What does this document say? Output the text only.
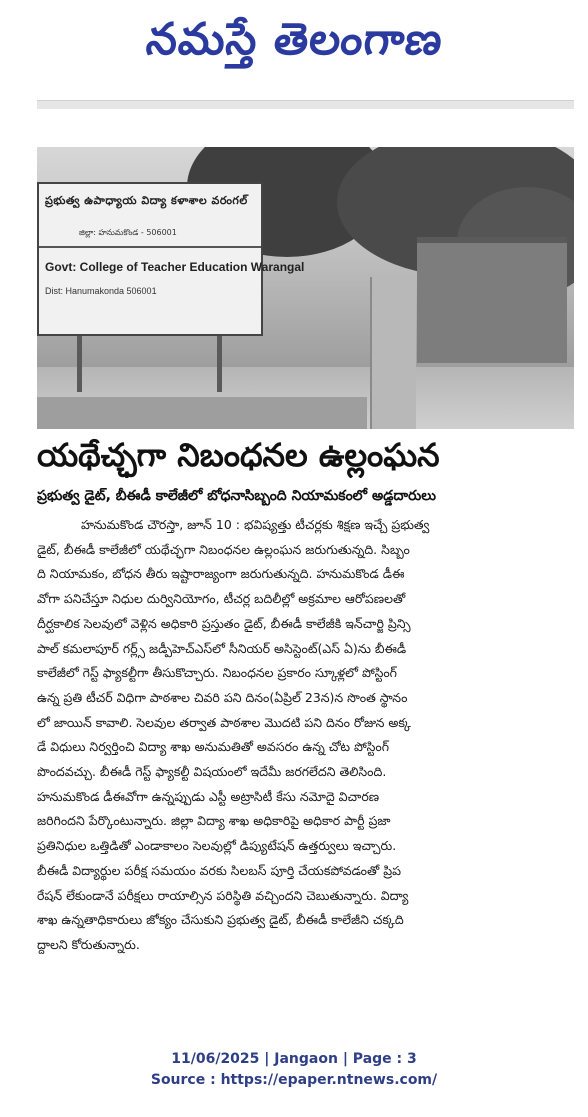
నమస్తే తెలంగాణ
ప్రభుత్వ ఉపాధ్యాయ విద్యా కళాశాల వరంగల్
జిల్లా: హనుమకొండ - 506001
Govt: College of Teacher Education Warangal
Dist: Hanumakonda 506001
యథేచ్ఛగా నిబంధనల ఉల్లంఘన
ప్రభుత్వ డైట్, బీఈడీ కాలేజీలో బోధనాసిబ్బంది నియామకంలో అడ్డదారులు
హనుమకొండ చౌరస్తా, జూన్ 10 : భవిష్యత్తు టీచర్లకు శిక్షణ ఇచ్చే ప్రభుత్వ
డైట్, బీఈడీ కాలేజీలో యథేచ్ఛగా నిబంధనల ఉల్లంఘన జరుగుతున్నది. సిబ్బం
ది నియామకం, బోధన తీరు ఇష్టారాజ్యంగా జరుగుతున్నది. హనుమకొండ డీఈ
వోగా పనిచేస్తూ నిధుల దుర్వినియోగం, టీచర్ల బదిలీల్లో అక్రమాల ఆరోపణలతో
దీర్ఘకాలిక సెలవులో వెళ్లిన అధికారి ప్రస్తుతం డైట్, బీఈడీ కాలేజీకి ఇన్‌చార్జి ప్రిన్సి
పాల్ కమలాపూర్ గర్ల్స్ జడ్పీహెచ్ఎస్‌లో సీనియర్ అసిస్టెంట్(ఎస్ ఏ)ను బీఈడీ
కాలేజీలో గెస్ట్ ఫ్యాకల్టీగా తీసుకొచ్చారు. నిబంధనల ప్రకారం స్కూళ్లలో పోస్టింగ్
ఉన్న ప్రతి టీచర్ విధిగా పాఠశాల చివరి పని దినం(ఏప్రిల్ 23న)న సొంత స్థానం
లో జాయిన్ కావాలి. సెలవుల తర్వాత పాఠశాల మొదటి పని దినం రోజున అక్క
డే విధులు నిర్వర్తించి విద్యా శాఖ అనుమతితో అవసరం ఉన్న చోట పోస్టింగ్
పొందవచ్చు. బీఈడీ గెస్ట్ ఫ్యాకల్టీ విషయంలో ఇదేమీ జరగలేదని తెలిసింది.
హనుమకొండ డీఈవోగా ఉన్నప్పుడు ఎస్టీ అట్రాసిటీ కేసు నమోదై విచారణ
జరిగిందని పేర్కొంటున్నారు. జిల్లా విద్యా శాఖ అధికారిపై అధికార పార్టీ ప్రజా
ప్రతినిధుల ఒత్తిడితో ఎండాకాలం సెలవుల్లో డిప్యుటేషన్ ఉత్తర్వులు ఇచ్చారు.
బీఈడీ విద్యార్థుల పరీక్ష సమయం వరకు సిలబస్ పూర్తి చేయకపోవడంతో ప్రిప
రేషన్ లేకుండానే పరీక్షలు రాయాల్సిన పరిస్థితి వచ్చిందని చెబుతున్నారు. విద్యా
శాఖ ఉన్నతాధికారులు జోక్యం చేసుకుని ప్రభుత్వ డైట్, బీఈడీ కాలేజీని చక్కది
ద్దాలని కోరుతున్నారు.
11/06/2025 | Jangaon | Page : 3
Source : https://epaper.ntnews.com/
